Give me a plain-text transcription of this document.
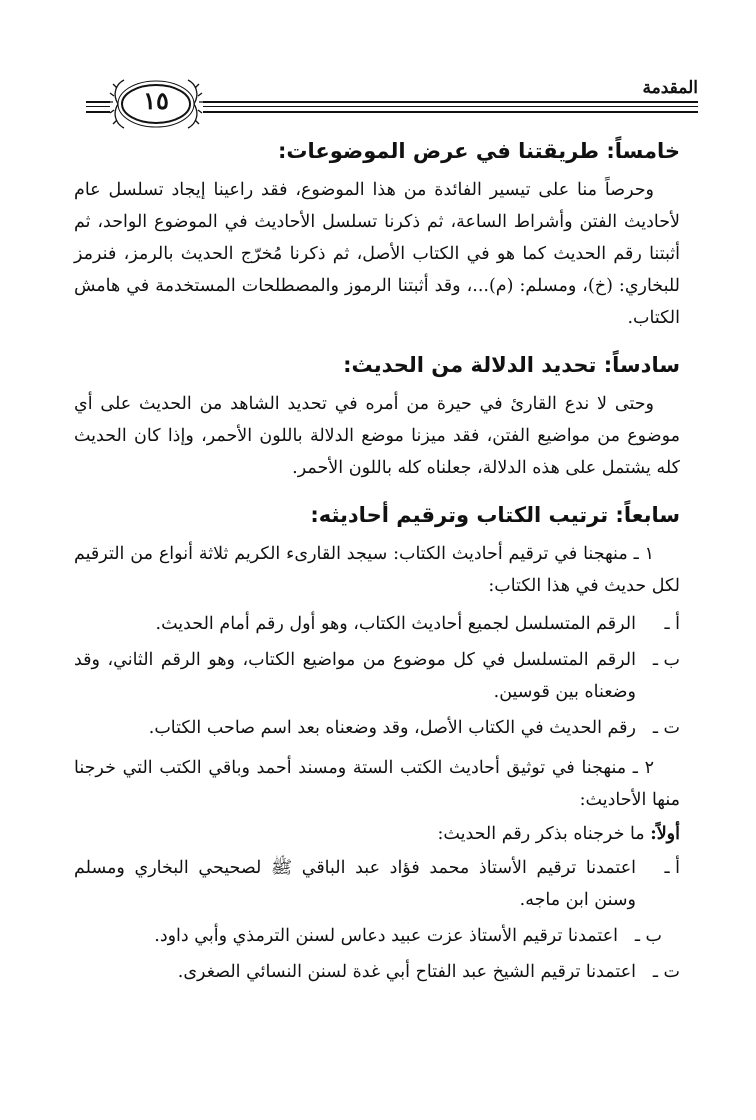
المقدمة
١٥
خامساً: طريقتنا في عرض الموضوعات:

وحرصاً منا على تيسير الفائدة من هذا الموضوع، فقد راعينا إيجاد تسلسل عام لأحاديث الفتن وأشراط الساعة، ثم ذكرنا تسلسل الأحاديث في الموضوع الواحد، ثم أثبتنا رقم الحديث كما هو في الكتاب الأصل، ثم ذكرنا مُخرّج الحديث بالرمز، فنرمز للبخاري: (خ)، ومسلم: (م)...، وقد أثبتنا الرموز والمصطلحات المستخدمة في هامش الكتاب.

سادساً: تحديد الدلالة من الحديث:

وحتى لا ندع القارئ في حيرة من أمره في تحديد الشاهد من الحديث على أي موضوع من مواضيع الفتن، فقد ميزنا موضع الدلالة باللون الأحمر، وإذا كان الحديث كله يشتمل على هذه الدلالة، جعلناه كله باللون الأحمر.

سابعاً: ترتيب الكتاب وترقيم أحاديثه:

١ ـ منهجنا في ترقيم أحاديث الكتاب: سيجد القارىء الكريم ثلاثة أنواع من الترقيم لكل حديث في هذا الكتاب:

أ ـ
الرقم المتسلسل لجميع أحاديث الكتاب، وهو أول رقم أمام الحديث.
ب ـ
الرقم المتسلسل في كل موضوع من مواضيع الكتاب، وهو الرقم الثاني، وقد وضعناه بين قوسين.
ت ـ
رقم الحديث في الكتاب الأصل، وقد وضعناه بعد اسم صاحب الكتاب.

٢ ـ منهجنا في توثيق أحاديث الكتب الستة ومسند أحمد وباقي الكتب التي خرجنا منها الأحاديث:

أولاً: ما خرجناه بذكر رقم الحديث:
أ ـ
اعتمدنا ترقيم الأستاذ محمد فؤاد عبد الباقي ﷺ لصحيحي البخاري ومسلم وسنن ابن ماجه.
ب ـ
اعتمدنا ترقيم الأستاذ عزت عبيد دعاس لسنن الترمذي وأبي داود.
ت ـ
اعتمدنا ترقيم الشيخ عبد الفتاح أبي غدة لسنن النسائي الصغرى.
